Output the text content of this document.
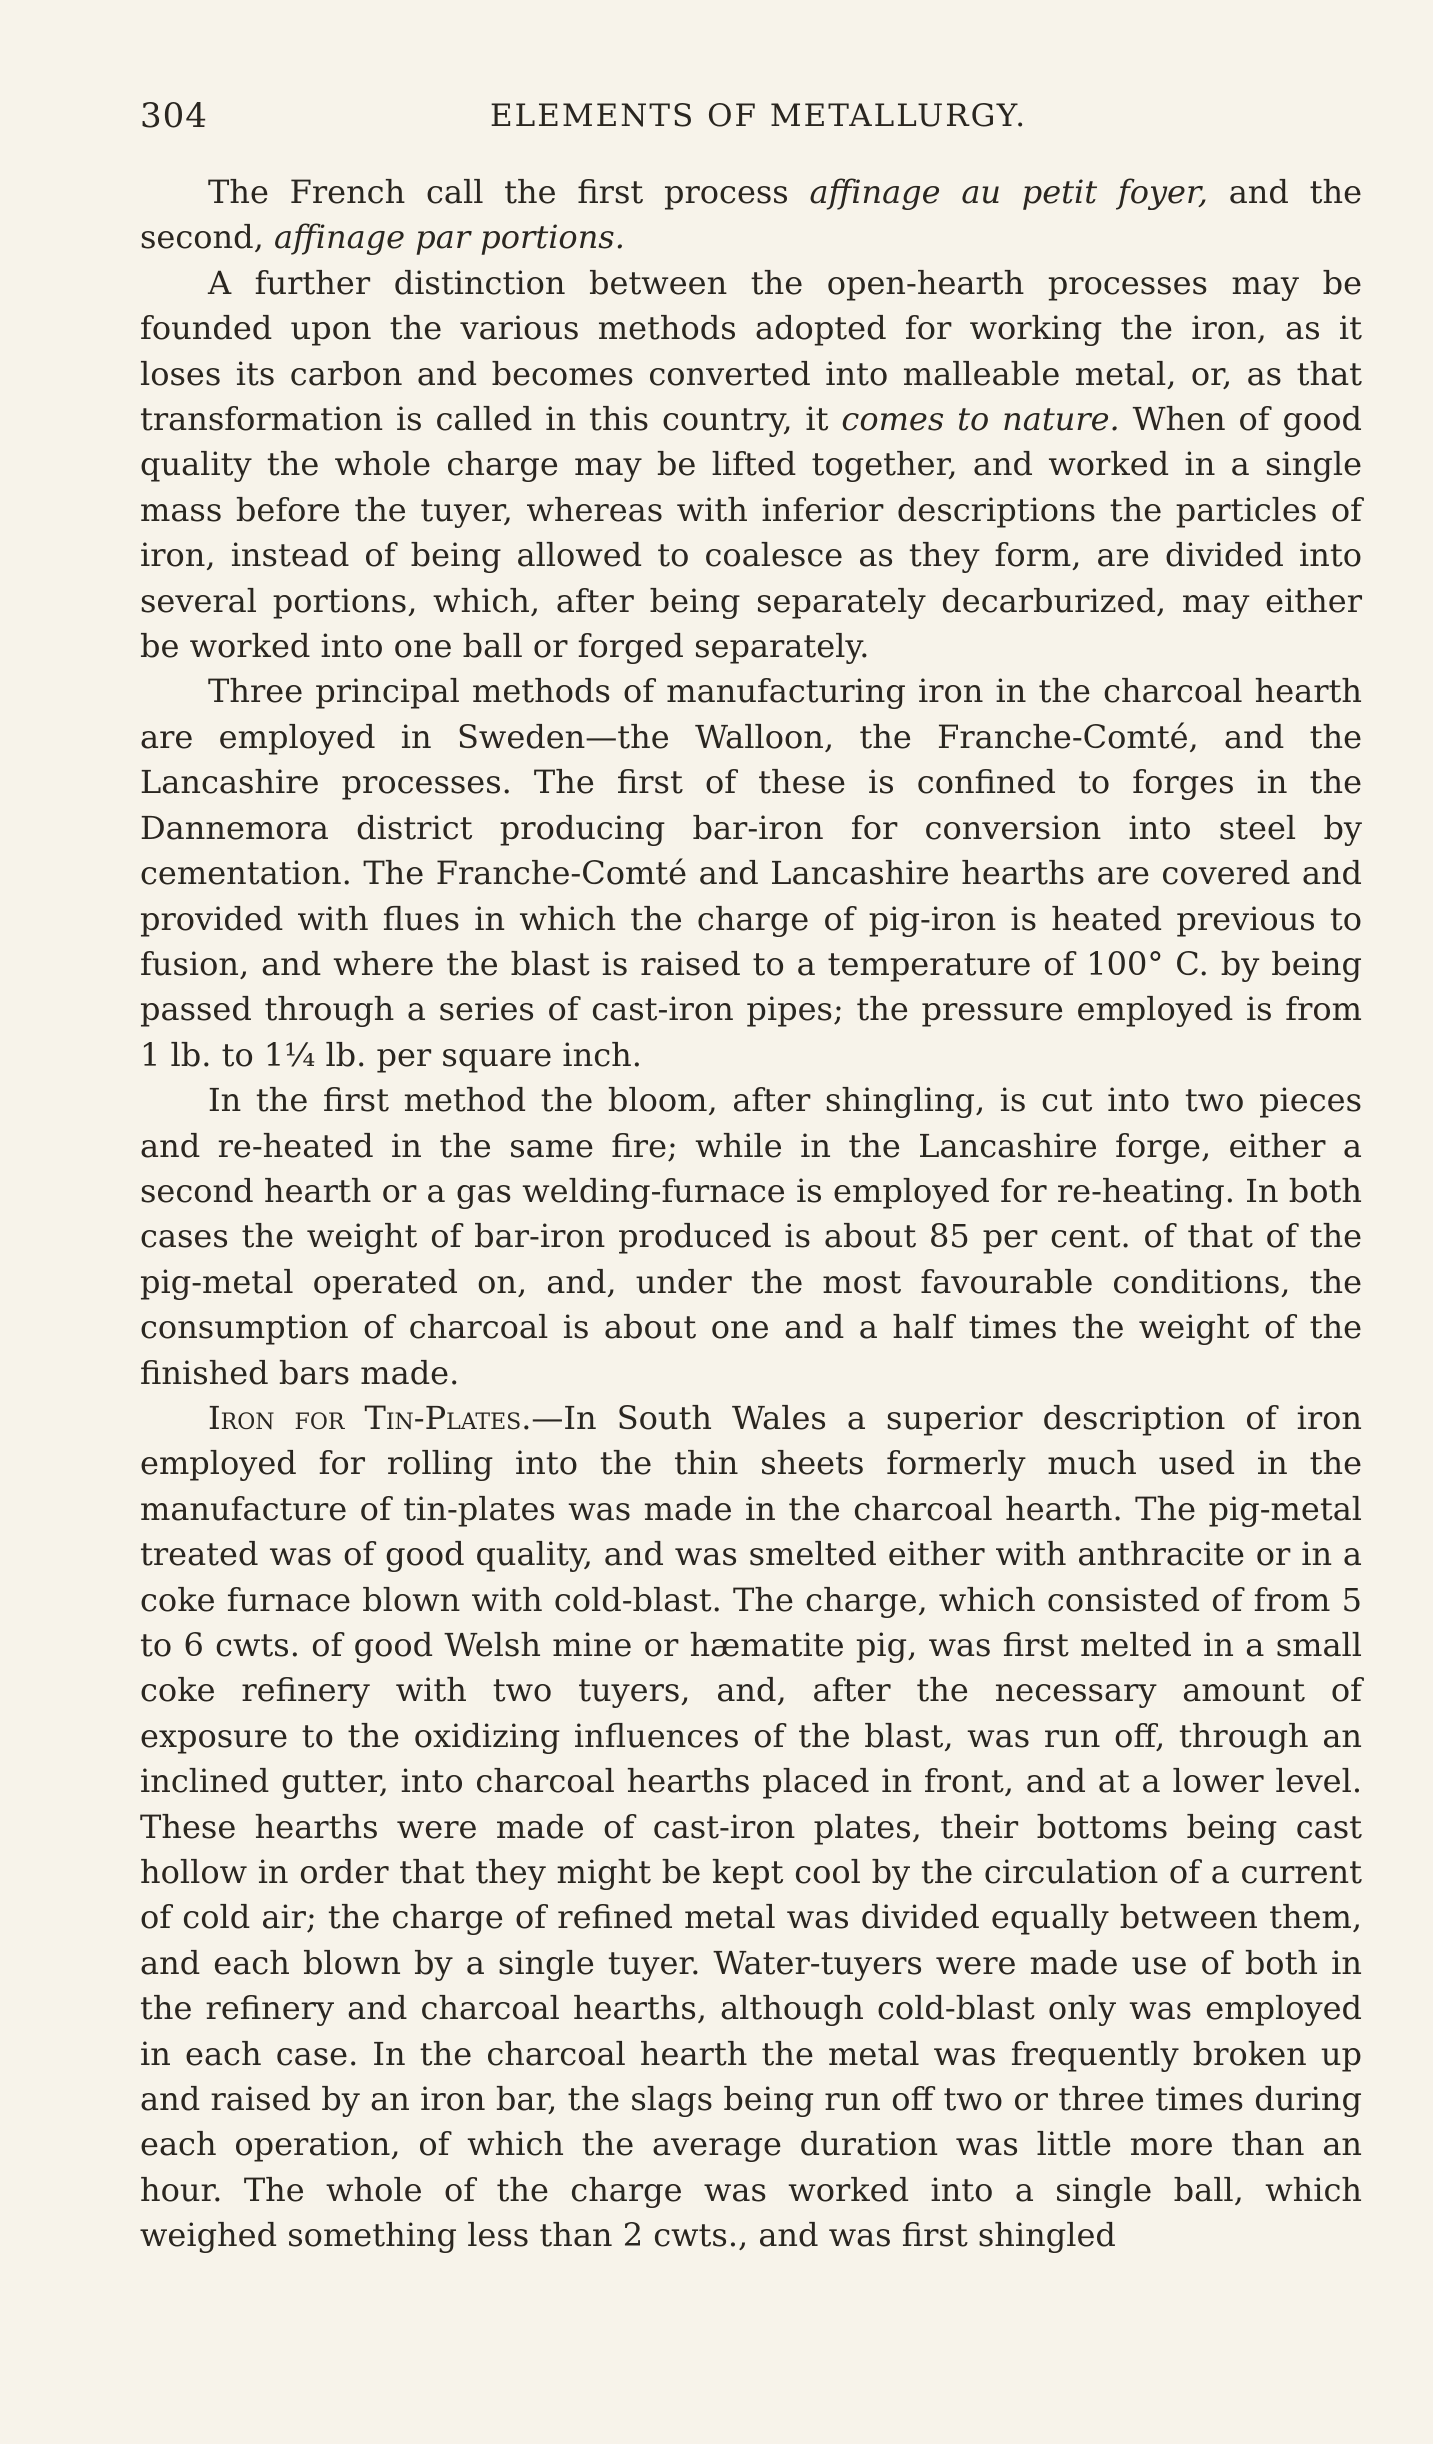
304	ELEMENTS OF METALLURGY.

The French call the first process affinage au petit foyer, and the second, affinage par portions.

A further distinction between the open-hearth processes may be founded upon the various methods adopted for working the iron, as it loses its carbon and becomes converted into malleable metal, or, as that transformation is called in this country, it comes to nature. When of good quality the whole charge may be lifted together, and worked in a single mass before the tuyer, whereas with inferior descriptions the particles of iron, instead of being allowed to coalesce as they form, are divided into several portions, which, after being separately decarburized, may either be worked into one ball or forged separately.

Three principal methods of manufacturing iron in the charcoal hearth are employed in Sweden—the Walloon, the Franche-Comté, and the Lancashire processes. The first of these is confined to forges in the Dannemora district producing bar-iron for conversion into steel by cementation. The Franche-Comté and Lancashire hearths are covered and provided with flues in which the charge of pig-iron is heated previous to fusion, and where the blast is raised to a temperature of 100° C. by being passed through a series of cast-iron pipes; the pressure employed is from 1 lb. to 1¼ lb. per square inch.

In the first method the bloom, after shingling, is cut into two pieces and re-heated in the same fire; while in the Lancashire forge, either a second hearth or a gas welding-furnace is employed for re-heating. In both cases the weight of bar-iron produced is about 85 per cent. of that of the pig-metal operated on, and, under the most favourable conditions, the consumption of charcoal is about one and a half times the weight of the finished bars made.

Iron for Tin-Plates.—In South Wales a superior description of iron employed for rolling into the thin sheets formerly much used in the manufacture of tin-plates was made in the charcoal hearth. The pig-metal treated was of good quality, and was smelted either with anthracite or in a coke furnace blown with cold-blast. The charge, which consisted of from 5 to 6 cwts. of good Welsh mine or hæmatite pig, was first melted in a small coke refinery with two tuyers, and, after the necessary amount of exposure to the oxidizing influences of the blast, was run off, through an inclined gutter, into charcoal hearths placed in front, and at a lower level. These hearths were made of cast-iron plates, their bottoms being cast hollow in order that they might be kept cool by the circulation of a current of cold air; the charge of refined metal was divided equally between them, and each blown by a single tuyer. Water-tuyers were made use of both in the refinery and charcoal hearths, although cold-blast only was employed in each case. In the charcoal hearth the metal was frequently broken up and raised by an iron bar, the slags being run off two or three times during each operation, of which the average duration was little more than an hour. The whole of the charge was worked into a single ball, which weighed something less than 2 cwts., and was first shingled
